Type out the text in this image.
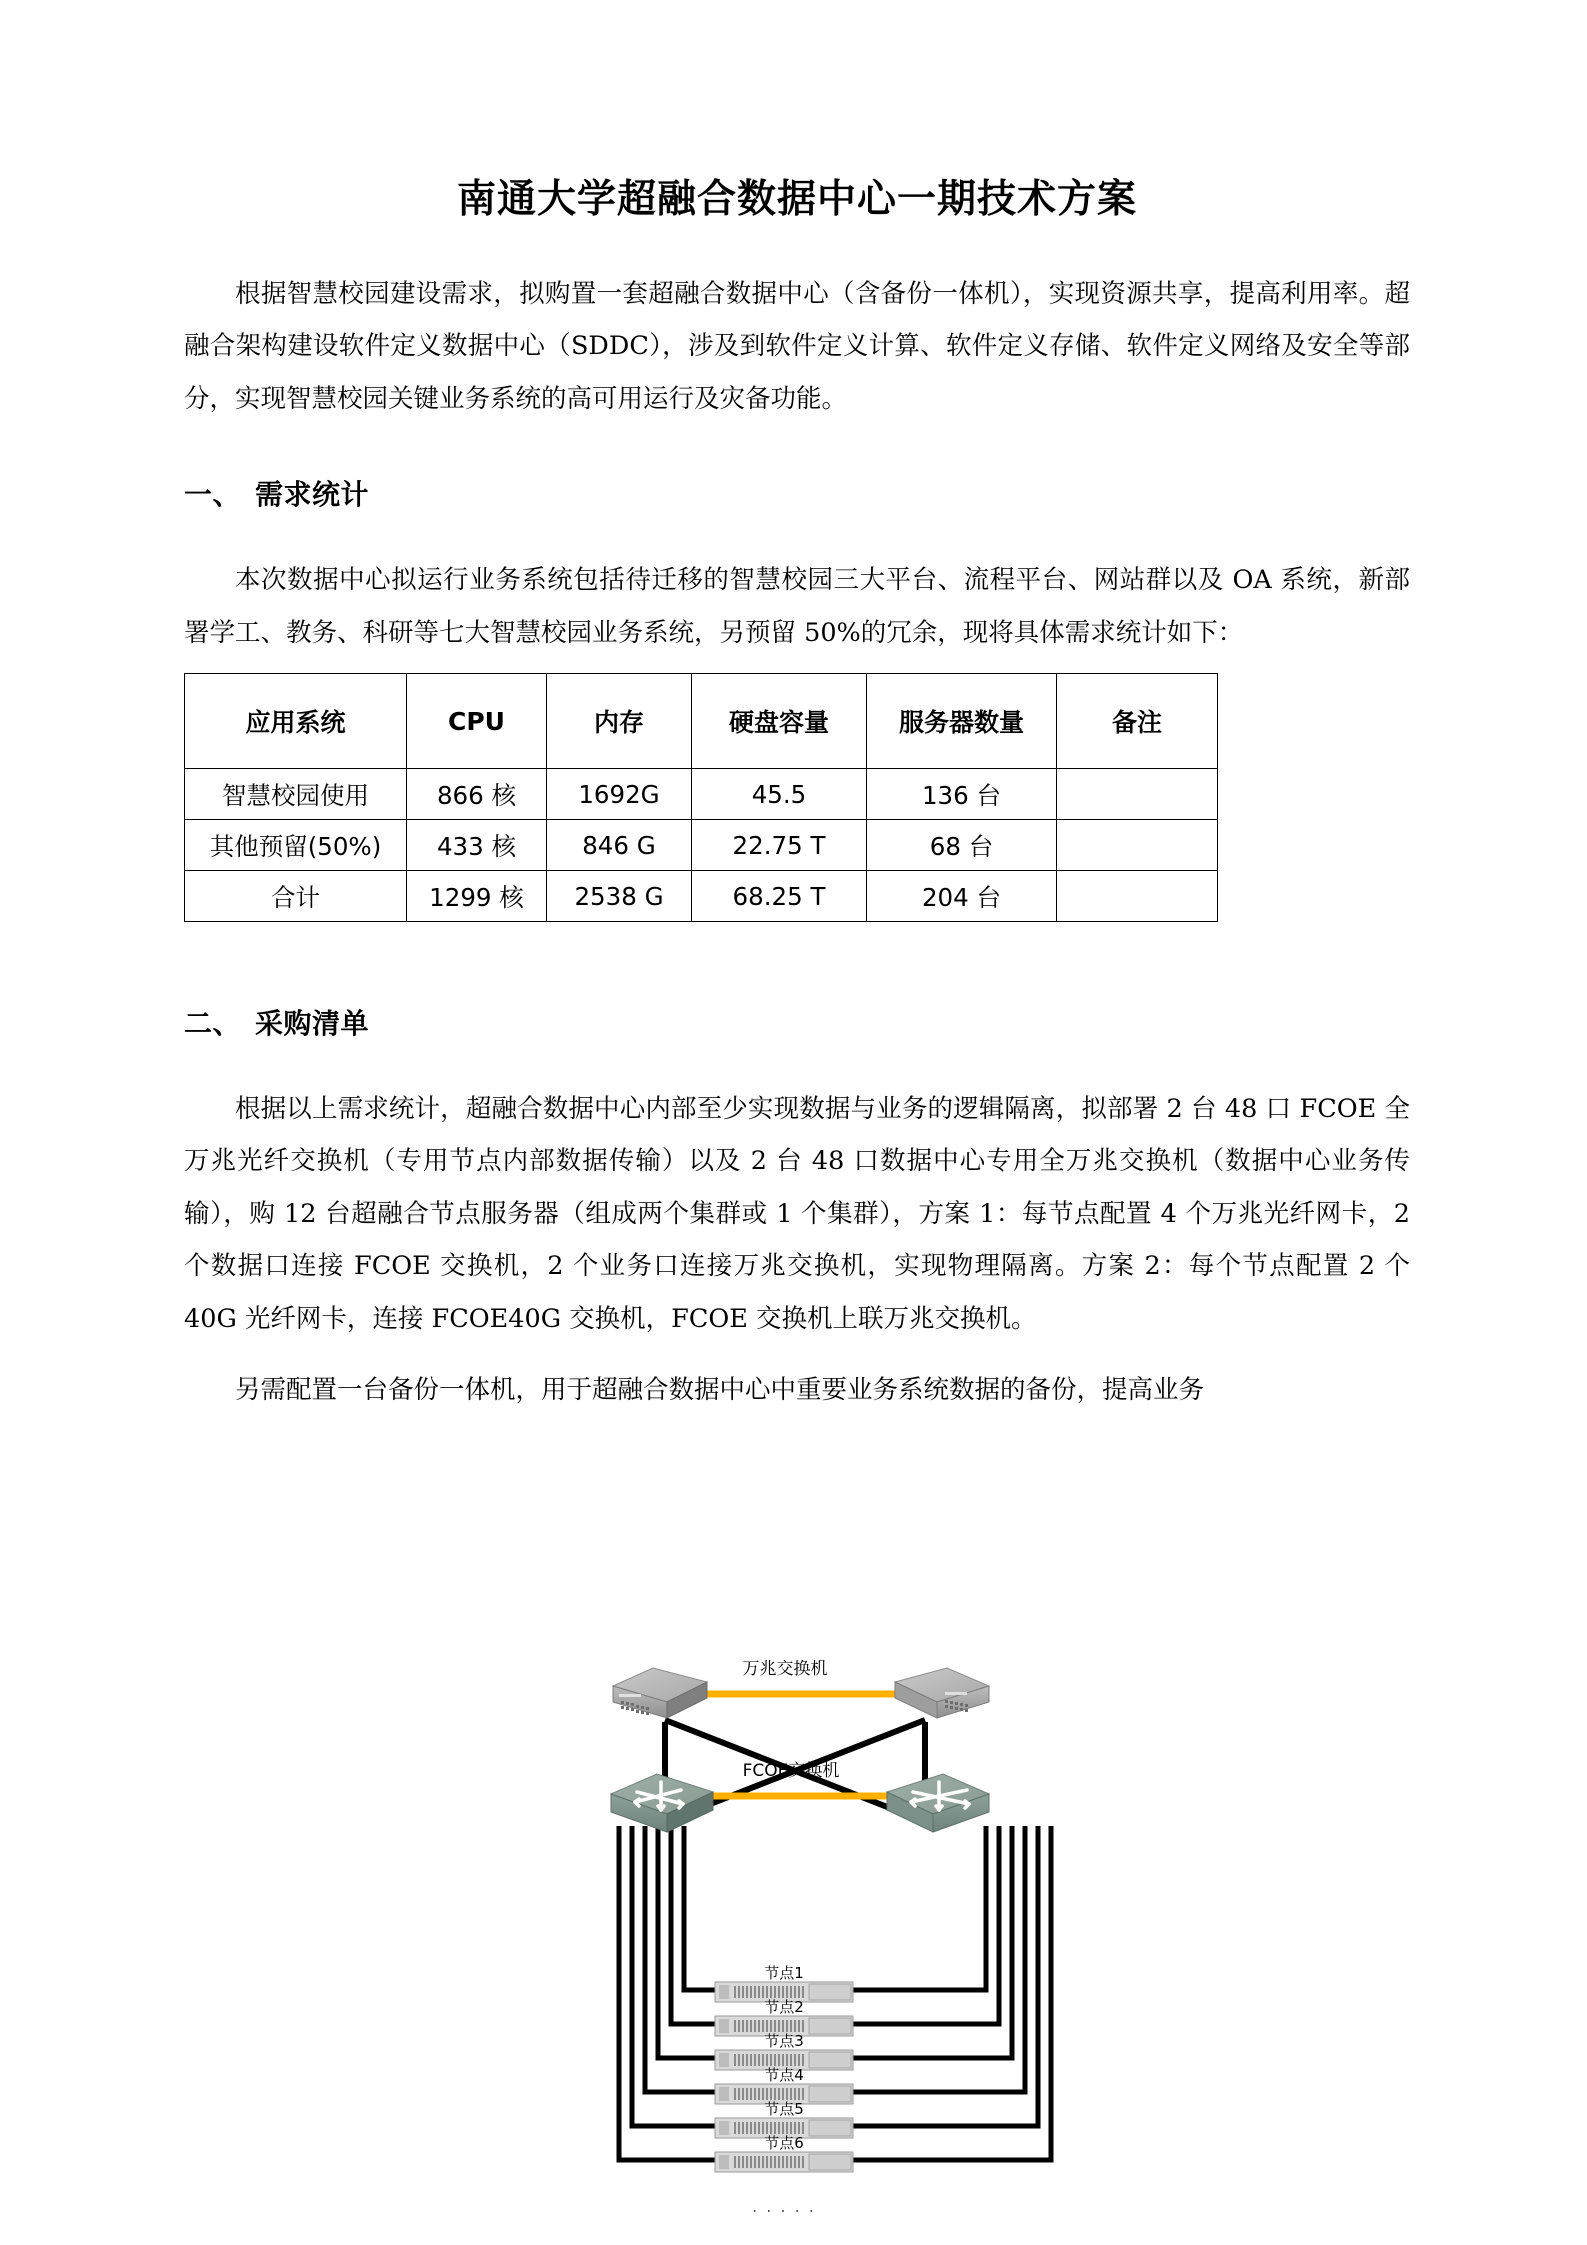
南通大学超融合数据中心一期技术方案

根据智慧校园建设需求，拟购置一套超融合数据中心（含备份一体机），实现资源共享，提高利用率。超融合架构建设软件定义数据中心（SDDC），涉及到软件定义计算、软件定义存储、软件定义网络及安全等部分，实现智慧校园关键业务系统的高可用运行及灾备功能。

一、 需求统计

本次数据中心拟运行业务系统包括待迁移的智慧校园三大平台、流程平台、网站群以及 OA 系统，新部署学工、教务、科研等七大智慧校园业务系统，另预留 50%的冗余，现将具体需求统计如下：

应用系统	CPU	内存	硬盘容量	服务器数量	备注
智慧校园使用	866 核	1692G	45.5	136 台	
其他预留(50%)	433 核	846 G	22.75 T	68 台	
合计	1299 核	2538 G	68.25 T	204 台	
二、 采购清单

根据以上需求统计，超融合数据中心内部至少实现数据与业务的逻辑隔离，拟部署 2 台 48 口 FCOE 全万兆光纤交换机（专用节点内部数据传输）以及 2 台 48 口数据中心专用全万兆交换机（数据中心业务传输），购 12 台超融合节点服务器（组成两个集群或 1 个集群），方案 1：每节点配置 4 个万兆光纤网卡，2 个数据口连接 FCOE 交换机，2 个业务口连接万兆交换机，实现物理隔离。方案 2：每个节点配置 2 个 40G 光纤网卡，连接 FCOE40G 交换机，FCOE 交换机上联万兆交换机。

另需配置一台备份一体机，用于超融合数据中心中重要业务系统数据的备份，提高业务

万兆交换机
FCOE交换机
节点1
节点2
节点3
节点4
节点5
节点6
. . . . .
